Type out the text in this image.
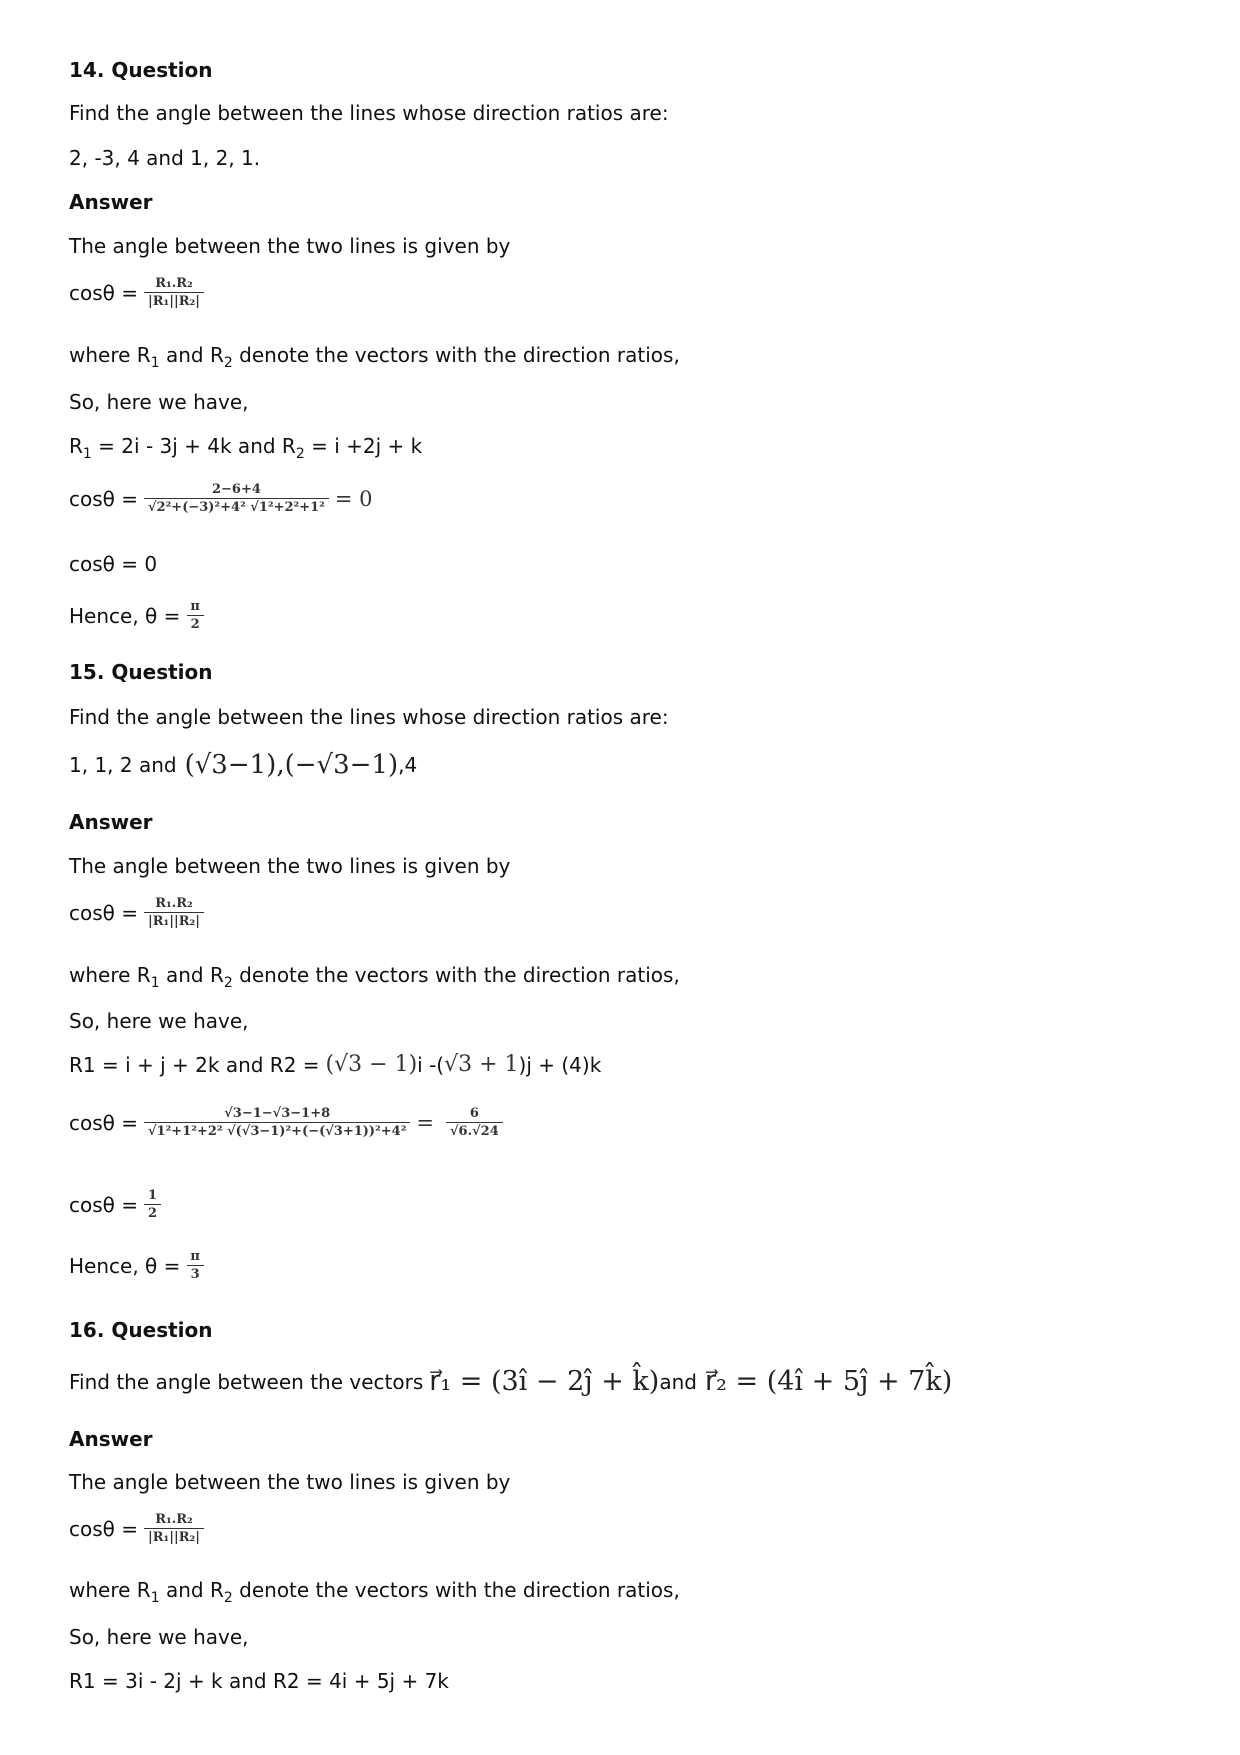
14. Question
Find the angle between the lines whose direction ratios are:
2, -3, 4 and 1, 2, 1.
Answer
The angle between the two lines is given by
$\cos\theta = \frac{\text{R₁.R₂}}{\text{|R₁||R₂|}}$
where $R_1$ and $R_2$ denote the vectors with the direction ratios,
So, here we have,
$R_1 = 2i - 3j + 4k$ and $R_2 = i +2j + k$
$\cos\theta = \frac{2-6+4}{\text{√2²+(−3)²+4² √1²+2²+1²}} = 0$
cosθ = 0
Hence, $\theta = \frac{\pi}{2}$
15. Question
Find the angle between the lines whose direction ratios are:
1, 1, 2 and (√3−1),(−√3−1) ,4
Answer
The angle between the two lines is given by
$\cos\theta = \frac{\text{R₁.R₂}}{\text{|R₁||R₂|}}$
where $R_1$ and $R_2$ denote the vectors with the direction ratios,
So, here we have,
R1 = i + j + 2k and R2 = (√3 − 1) i -( √3 + 1 )j + (4)k
$\cos\theta = \frac{√3-1-√3-1+8}{\text{√1²+1²+2² √(√3−1)²+(−(√3+1))²+4²}} = \frac{6}{√6.√24}$
$\cos\theta = \frac{1}{2}$
Hence, $\theta = \frac{\pi}{3}$
16. Question
Find the angle between the vectors r⃗₁ = (3î − 2ĵ + k̂) and r⃗₂ = (4î + 5ĵ + 7k̂)
Answer
The angle between the two lines is given by
$\cos\theta = \frac{\text{R₁.R₂}}{\text{|R₁||R₂|}}$
where $R_1$ and $R_2$ denote the vectors with the direction ratios,
So, here we have,
R1 = 3i - 2j + k and R2 = 4i + 5j + 7k
